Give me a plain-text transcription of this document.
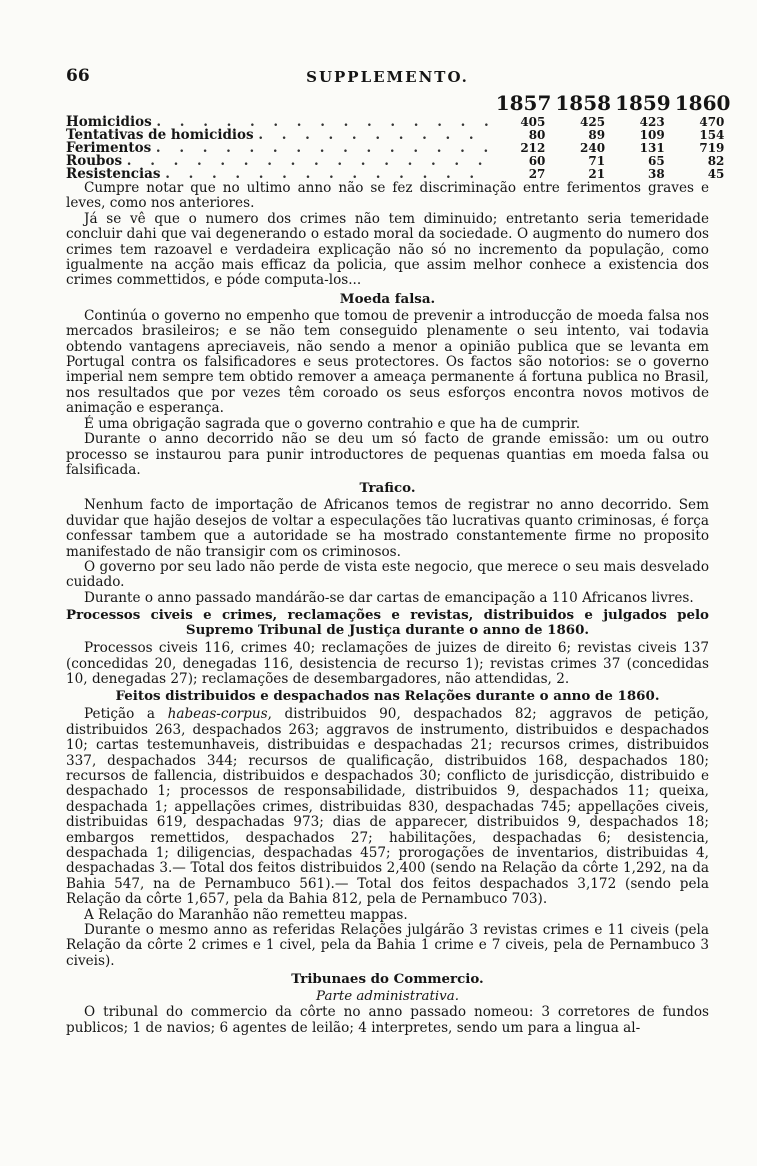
66	SUPPLEMENTO.
	1857	1858	1859	1860
Homicidios . . . . . . . . . . . . . . .	405	425	423	470
Tentativas de homicidios . . . . . . . . . .	80	89	109	154
Ferimentos . . . . . . . . . . . . . . .	212	240	131	719
Roubos . . . . . . . . . . . . . . . .	60	71	65	82
Resistencias . . . . . . . . . . . . . .	27	21	38	45

Cumpre notar que no ultimo anno não se fez discriminação entre ferimentos graves e leves, como nos anteriores.

Já se vê que o numero dos crimes não tem diminuido; entretanto seria temeridade concluir dahi que vai degenerando o estado moral da sociedade. O augmento do numero dos crimes tem razoavel e verdadeira explicação não só no incremento da população, como igualmente na acção mais efficaz da policia, que assim melhor conhece a existencia dos crimes commettidos, e póde computa-los...

Moeda falsa.

Continúa o governo no empenho que tomou de prevenir a introducção de moeda falsa nos mercados brasileiros; e se não tem conseguido plenamente o seu intento, vai todavia obtendo vantagens apreciaveis, não sendo a menor a opinião publica que se levanta em Portugal contra os falsificadores e seus protectores. Os factos são notorios: se o governo imperial nem sempre tem obtido remover a ameaça permanente á fortuna publica no Brasil, nos resultados que por vezes têm coroado os seus esforços encontra novos motivos de animação e esperança.

É uma obrigação sagrada que o governo contrahio e que ha de cumprir.

Durante o anno decorrido não se deu um só facto de grande emissão: um ou outro processo se instaurou para punir introductores de pequenas quantias em moeda falsa ou falsificada.

Trafico.

Nenhum facto de importação de Africanos temos de registrar no anno decorrido. Sem duvidar que hajão desejos de voltar a especulações tão lucrativas quanto criminosas, é força confessar tambem que a autoridade se ha mostrado constantemente firme no proposito manifestado de não transigir com os criminosos.

O governo por seu lado não perde de vista este negocio, que merece o seu mais desvelado cuidado.

Durante o anno passado mandárão-se dar cartas de emancipação a 110 Africanos livres.

Processos civeis e crimes, reclamações e revistas, distribuidos e julgados pelo
Supremo Tribunal de Justiça durante o anno de 1860.

Processos civeis 116, crimes 40; reclamações de juizes de direito 6; revistas civeis 137 (concedidas 20, denegadas 116, desistencia de recurso 1); revistas crimes 37 (concedidas 10, denegadas 27); reclamações de desembargadores, não attendidas, 2.

Feitos distribuidos e despachados nas Relações durante o anno de 1860.

Petição a habeas-corpus, distribuidos 90, despachados 82; aggravos de petição, distribuidos 263, despachados 263; aggravos de instrumento, distribuidos e despachados 10; cartas testemunhaveis, distribuidas e despachadas 21; recursos crimes, distribuidos 337, despachados 344; recursos de qualificação, distribuidos 168, despachados 180; recursos de fallencia, distribuidos e despachados 30; conflicto de jurisdicção, distribuido e despachado 1; processos de responsabilidade, distribuidos 9, despachados 11; queixa, despachada 1; appellações crimes, distribuidas 830, despachadas 745; appellações civeis, distribuidas 619, despachadas 973; dias de apparecer, distribuidos 9, despachados 18; embargos remettidos, despachados 27; habilitações, despachadas 6; desistencia, despachada 1; diligencias, despachadas 457; prorogações de inventarios, distribuidas 4, despachadas 3.— Total dos feitos distribuidos 2,400 (sendo na Relação da côrte 1,292, na da Bahia 547, na de Pernambuco 561).— Total dos feitos despachados 3,172 (sendo pela Relação da côrte 1,657, pela da Bahia 812, pela de Pernambuco 703).

A Relação do Maranhão não remetteu mappas.

Durante o mesmo anno as referidas Relações julgárão 3 revistas crimes e 11 civeis (pela Relação da côrte 2 crimes e 1 civel, pela da Bahia 1 crime e 7 civeis, pela de Pernambuco 3 civeis).

Tribunaes do Commercio.
Parte administrativa.

O tribunal do commercio da côrte no anno passado nomeou: 3 corretores de fundos publicos; 1 de navios; 6 agentes de leilão; 4 interpretes, sendo um para a lingua al-
